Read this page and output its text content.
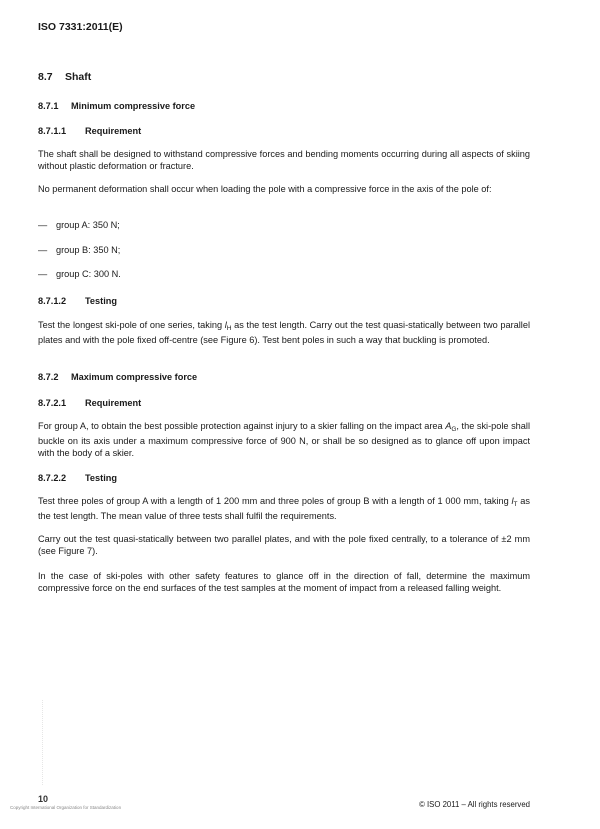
ISO 7331:2011(E)
8.7 Shaft
8.7.1 Minimum compressive force
8.7.1.1 Requirement
The shaft shall be designed to withstand compressive forces and bending moments occurring during all aspects of skiing without plastic deformation or fracture.
No permanent deformation shall occur when loading the pole with a compressive force in the axis of the pole of:
— group A: 350 N;
— group B: 350 N;
— group C: 300 N.
8.7.1.2 Testing
Test the longest ski-pole of one series, taking $l_H$ as the test length. Carry out the test quasi-statically between two parallel plates and with the pole fixed off-centre (see Figure 6). Test bent poles in such a way that buckling is promoted.
8.7.2 Maximum compressive force
8.7.2.1 Requirement
For group A, to obtain the best possible protection against injury to a skier falling on the impact area $A_G$, the ski-pole shall buckle on its axis under a maximum compressive force of 900 N, or shall be so designed as to glance off upon impact with the body of a skier.
8.7.2.2 Testing
Test three poles of group A with a length of 1 200 mm and three poles of group B with a length of 1 000 mm, taking $l_T$ as the test length. The mean value of three tests shall fulfil the requirements.
Carry out the test quasi-statically between two parallel plates, and with the pole fixed centrally, to a tolerance of ±2 mm (see Figure 7).
In the case of ski-poles with other safety features to glance off in the direction of fall, determine the maximum compressive force on the end surfaces of the test samples at the moment of impact from a released falling weight.
10
Copyright International Organization for Standardization	© ISO 2011 – All rights reserved
